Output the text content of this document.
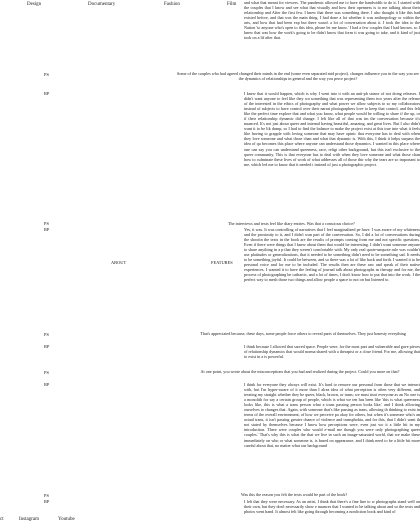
Design	Documentary	Fashion	Film
ABOUT	FEATURES
ct	Instagram	Youtube
and what that meant for viewers. The pandemic allowed me to have the bandwidth to do it. I started with the couples that I know and see what that visually and how their openness is to me talking about their relationship and After the first few. I knew that there was something there. I also thought it like this had existed before, and that was the main thing. I had done a lot whether it was anthropology or within the arts, and how that had been exp but there wasn't a lot of conversation about it. I took the idea to the Nation 'to anyone who's open to this idea, please let me know.' I had a few couples that I had known, so I knew that was how the work's going to be didn't know that form it was going to take, and it kind of just took on a lif after that.
PS	Some of the couples who had agreed changed their minds in the end (some even separated mid project). changes influence you in the way you see the dynamics of relationships in general and the way you perce project?
RP	I knew that it would happen, which is why I went into it with an anti-ph stance of not doing releases. I didn't want anyone to feel like they wa something that was representing them two years after the release of the interested in the ethics of photography and what power we allow subjects to so my collaborators instead of subjects to have control over their narrat photographers love to keep that control, and this felt like the perfect time explore that and what you know, what people would be willing to share if the up, or if their relationship dynamic did change. I felt like all of that was im the conversation because it's nuanced. It's not just about queer and internal having beautiful, amazing, and great lives. But I also didn't want it to be lik dump, so I had to find the balance to make the project exist at this true inte what it feels like having to grapple with loving someone that may have opinic that everyone has to deal with when they love someone and what those chan and what that dynamic is. With this, I think it helps surpass the idea of qu becomes this place where anyone can understand those dynamics. I wanted in this place where one can say you can understand queerness, race, religi other background, but this isn't exclusive to the queer community. This is that everyone has to deal with when they love someone and what those chan how to culminate these lives of work of what addresses all of those thir why the tears are so important to me, which led me to know that it needed t instead of just a photographic project.
PS	The interviews and texts feel like diary entries. Was that a conscious choice?
RP	Yes, it was. It was controlling of narratives that I feel marginalized pe have. I was aware of my whiteness and the proximity to it, and I didn't wan part of the conversation. So, I did a lot of conversations during the shootin the texts in the book are the results of prompts coming from me and not specific questions. Even if there were things that I knew about them that would be interesting. I didn't want someone anyone to share anything in a p that they weren't comfortable with. My only real quote-unquote rule was couldn't use platitudes or generalizations, that it needed to be something didn't need to be something sad. It needs to be something joyful. It could be between, and so there was a lot of like back and forth. I wanted it to be personal voice and for me to be included. The results then are these raw and speak of their native experiences. I wanted it to have the feeling of journal talk about photographs as therapy and for me, the process of photographing be cathartic, and a lot of times, I don't know how to put that into the work. I the perfect way to mesh those two things and allow people a space to not on but listened to.
PS	That's appreciated because, these days, some people force others to reveal parts of themselves. They just honesty everything
RP	I think because I allowed that sacred space. People were, for the most part and vulnerable and gave pieces of relationship dynamics that would norma shared with a therapist or a close friend. For me, allowing that to exist in a is powerful.
PS	At one point, you wrote about the misconceptions that you had and realized during the project. Could you more on that?
RP	I think for everyone they always will exist. It's hard to remove our personal from those that we interact with, but I'm hyper-aware of it more than I alrea idea of what perception is often very different, and treating my straight whether they be queer, black, brown, or trans; we must trust everyone as an No one is a monolith for say a certain group of people, which is what we ten has been like 'this is what queerness looks like, this is what a trans person what a trans passing person looks like,' and I think allowing ourselves to changes that. Again, with someone that's like passing as trans, allowing th thinking to exist in terms of the overall environment, of how we perceive pa okay for others, but when it's someone who's an actual trans, it isn't passing greater chance of violence and transphobia, and for this, that I didn't want th not stated by themselves because I know how perceptions were, even just wo it a little bit in my introduction. There were couples who would e-mail me though you were only photographing queer couples.' That's why this is what the that we live in such an image-saturated world, that we make these immediately on who or what someone is, is based on appearance, and I think need to be a little bit more careful about that, no matter what our background
PS	Was this the reason you felt the texts would be part of the book?
RP	I felt that they were necessary. As an artist, I think that there's a fine line to w photographs stand well on their own, but they don't necessarily show e nuances that I wanted to be talking about and so the texts and photos went hand. It almost felt like going through becoming a nonfiction book and kind of
